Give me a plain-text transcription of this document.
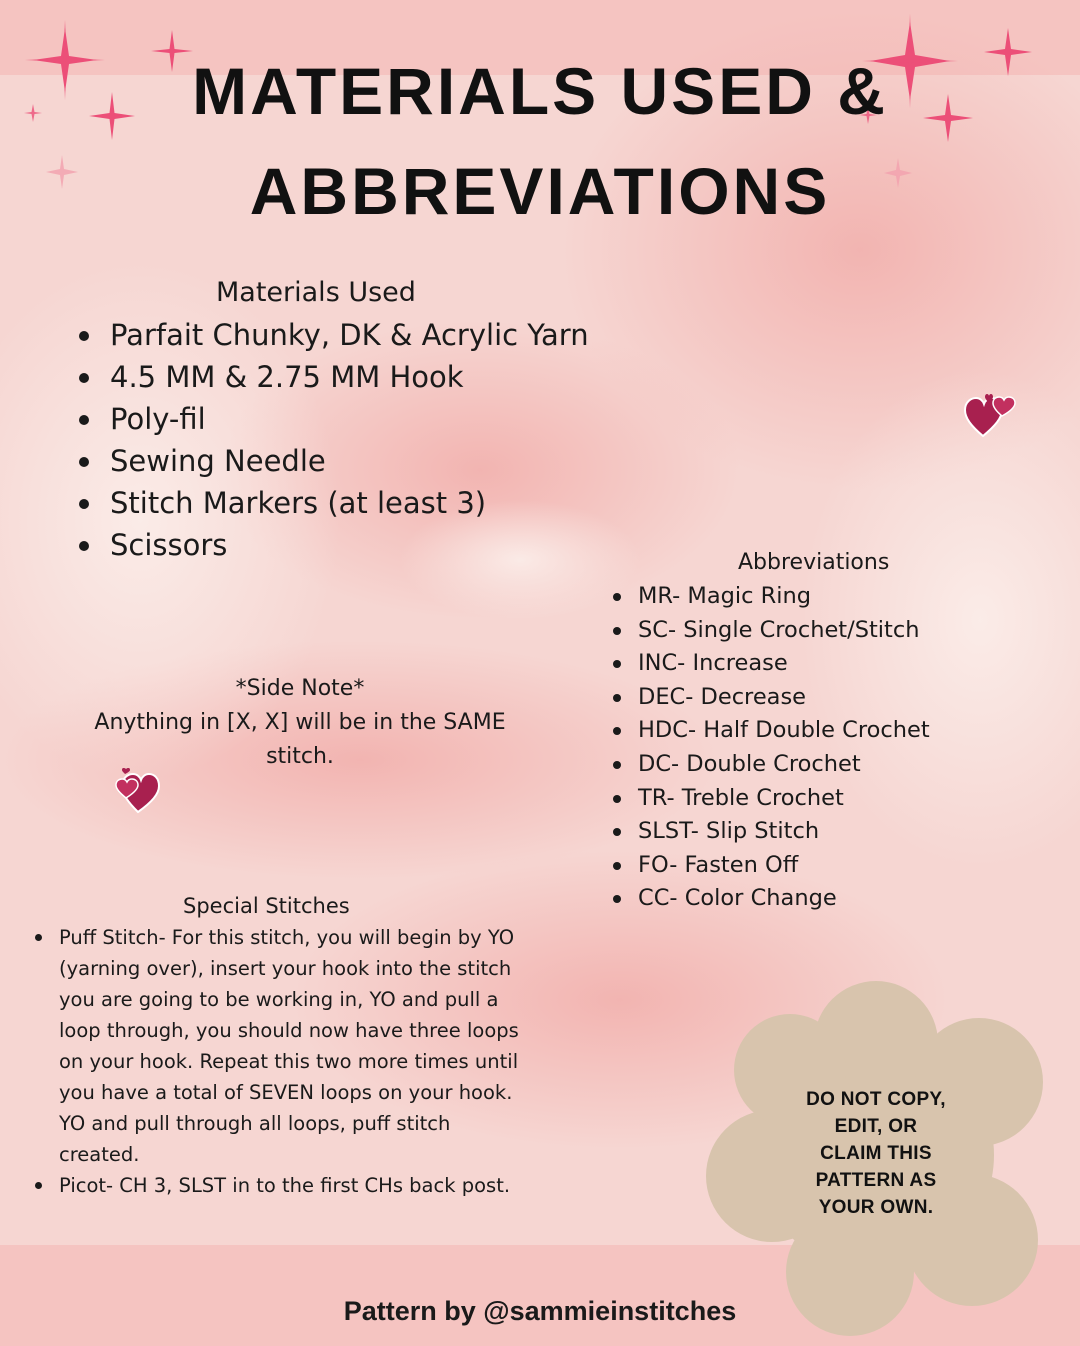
MATERIALS USED &
ABBREVIATIONS
Materials Used
Parfait Chunky, DK & Acrylic Yarn
4.5 MM & 2.75 MM Hook
Poly-fil
Sewing Needle
Stitch Markers (at least 3)
Scissors
*Side Note*
Anything in [X, X] will be in the SAME
stitch.
Abbreviations
MR- Magic Ring
SC- Single Crochet/Stitch
INC- Increase
DEC- Decrease
HDC- Half Double Crochet
DC- Double Crochet
TR- Treble Crochet
SLST- Slip Stitch
FO- Fasten Off
CC- Color Change
Special Stitches
Puff Stitch- For this stitch, you will begin by YO (yarning over), insert your hook into the stitch you are going to be working in, YO and pull a loop through, you should now have three loops on your hook. Repeat this two more times until you have a total of SEVEN loops on your hook. YO and pull through all loops, puff stitch created.
Picot- CH 3, SLST in to the first CHs back post.
DO NOT COPY,
EDIT, OR
CLAIM THIS
PATTERN AS
YOUR OWN.
Pattern by @sammieinstitches
